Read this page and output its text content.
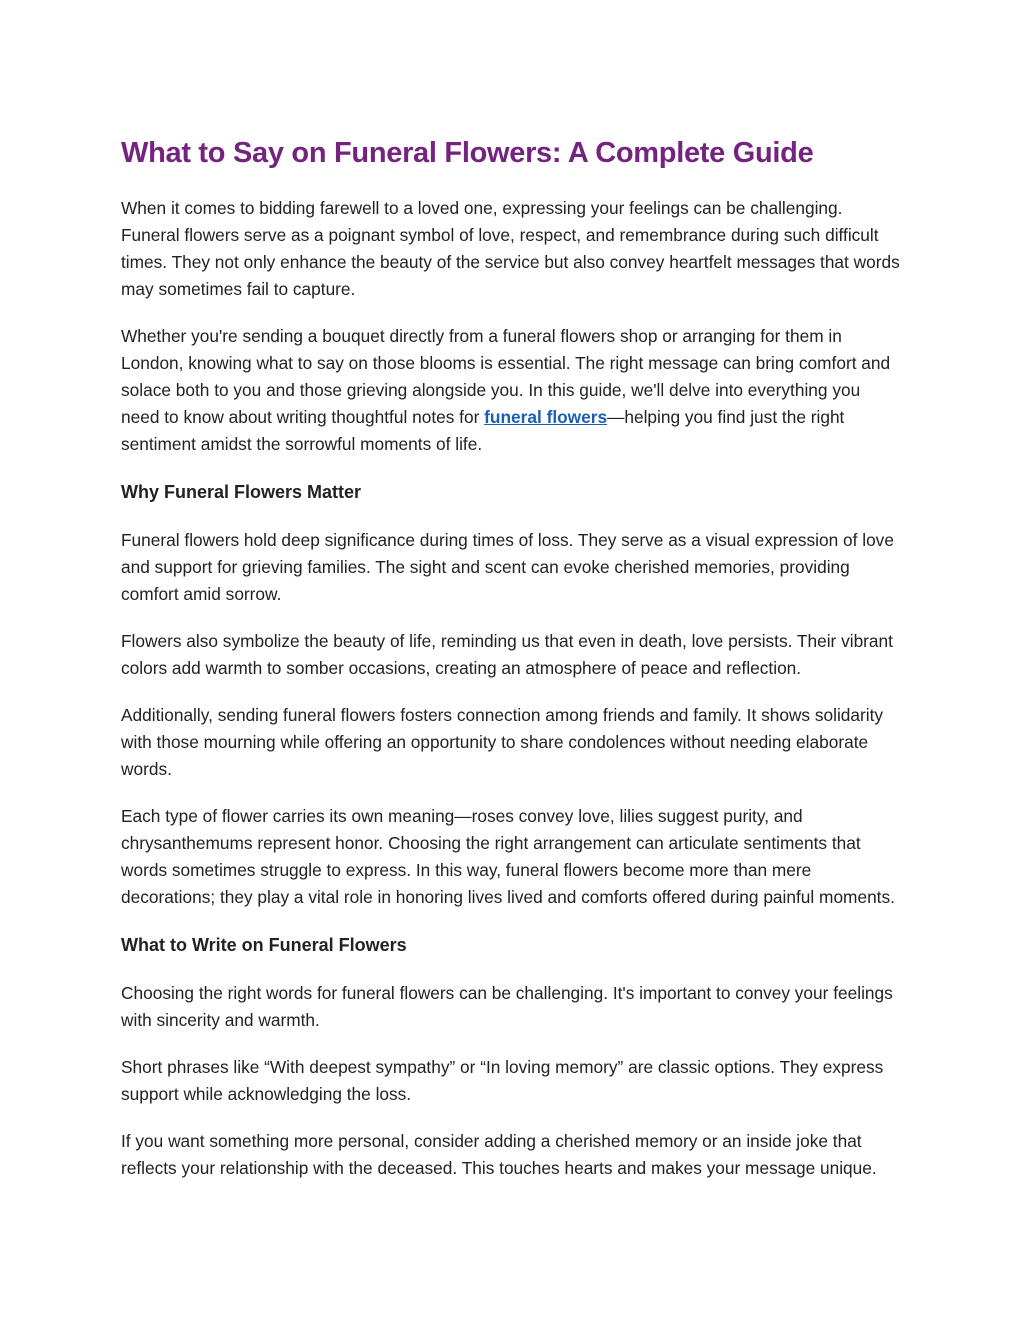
What to Say on Funeral Flowers: A Complete Guide

When it comes to bidding farewell to a loved one, expressing your feelings can be challenging. Funeral flowers serve as a poignant symbol of love, respect, and remembrance during such difficult times. They not only enhance the beauty of the service but also convey heartfelt messages that words may sometimes fail to capture.

Whether you're sending a bouquet directly from a funeral flowers shop or arranging for them in London, knowing what to say on those blooms is essential. The right message can bring comfort and solace both to you and those grieving alongside you. In this guide, we'll delve into everything you need to know about writing thoughtful notes for funeral flowers—helping you find just the right sentiment amidst the sorrowful moments of life.

Why Funeral Flowers Matter

Funeral flowers hold deep significance during times of loss. They serve as a visual expression of love and support for grieving families. The sight and scent can evoke cherished memories, providing comfort amid sorrow.

Flowers also symbolize the beauty of life, reminding us that even in death, love persists. Their vibrant colors add warmth to somber occasions, creating an atmosphere of peace and reflection.

Additionally, sending funeral flowers fosters connection among friends and family. It shows solidarity with those mourning while offering an opportunity to share condolences without needing elaborate words.

Each type of flower carries its own meaning—roses convey love, lilies suggest purity, and chrysanthemums represent honor. Choosing the right arrangement can articulate sentiments that words sometimes struggle to express. In this way, funeral flowers become more than mere decorations; they play a vital role in honoring lives lived and comforts offered during painful moments.

What to Write on Funeral Flowers

Choosing the right words for funeral flowers can be challenging. It's important to convey your feelings with sincerity and warmth.

Short phrases like “With deepest sympathy” or “In loving memory” are classic options. They express support while acknowledging the loss.

If you want something more personal, consider adding a cherished memory or an inside joke that reflects your relationship with the deceased. This touches hearts and makes your message unique.
